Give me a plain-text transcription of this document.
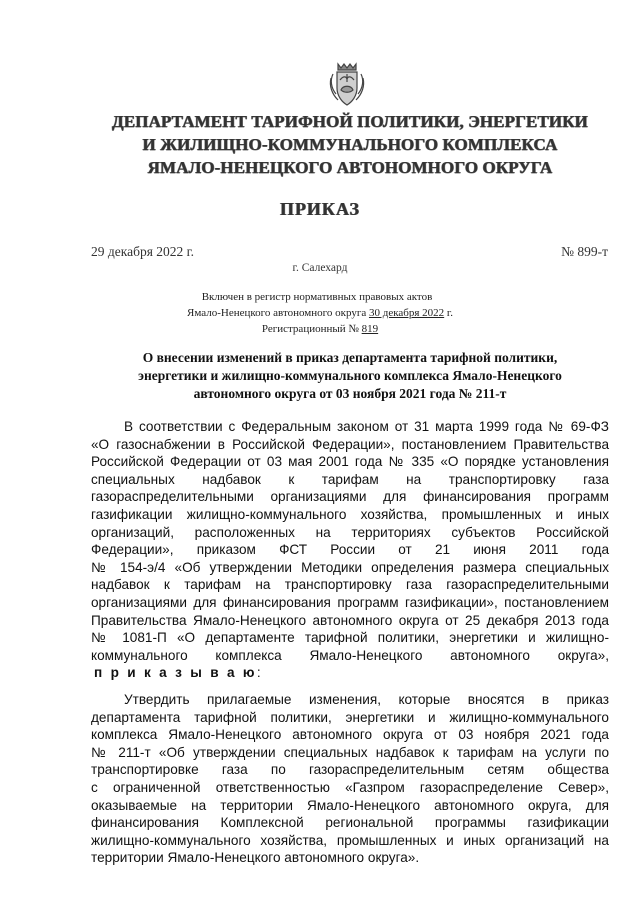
ДЕПАРТАМЕНТ ТАРИФНОЙ ПОЛИТИКИ, ЭНЕРГЕТИКИ
И ЖИЛИЩНО-КОММУНАЛЬНОГО КОМПЛЕКСА
ЯМАЛО-НЕНЕЦКОГО АВТОНОМНОГО ОКРУГА
ПРИКАЗ
29 декабря 2022 г.	№ 899-т
г. Салехард
Включен в регистр нормативных правовых актов
Ямало-Ненецкого автономного округа 30 декабря 2022 г.
Регистрационный № 819
О внесении изменений в приказ департамента тарифной политики,
энергетики и жилищно-коммунального комплекса Ямало-Ненецкого
автономного округа от 03 ноября 2021 года № 211-т
В соответствии с Федеральным законом от 31 марта 1999 года № 69-ФЗ
«О газоснабжении в Российской Федерации», постановлением Правительства
Российской Федерации от 03 мая 2001 года № 335 «О порядке установления
специальных надбавок к тарифам на транспортировку газа
газораспределительными организациями для финансирования программ
газификации жилищно-коммунального хозяйства, промышленных и иных
организаций, расположенных на территориях субъектов Российской
Федерации», приказом ФСТ России от 21 июня 2011 года
№ 154-э/4 «Об утверждении Методики определения размера специальных
надбавок к тарифам на транспортировку газа газораспределительными
организациями для финансирования программ газификации», постановлением
Правительства Ямало-Ненецкого автономного округа от 25 декабря 2013 года
№ 1081-П «О департаменте тарифной политики, энергетики и жилищно-
коммунального комплекса Ямало-Ненецкого автономного округа»,
п р и к а з ы в а ю:
Утвердить прилагаемые изменения, которые вносятся в приказ
департамента тарифной политики, энергетики и жилищно-коммунального
комплекса Ямало-Ненецкого автономного округа от 03 ноября 2021 года
№ 211-т «Об утверждении специальных надбавок к тарифам на услуги по
транспортировке газа по газораспределительным сетям общества
с ограниченной ответственностью «Газпром газораспределение Север»,
оказываемые на территории Ямало-Ненецкого автономного округа, для
финансирования Комплексной региональной программы газификации
жилищно-коммунального хозяйства, промышленных и иных организаций на
территории Ямало-Ненецкого автономного округа».
